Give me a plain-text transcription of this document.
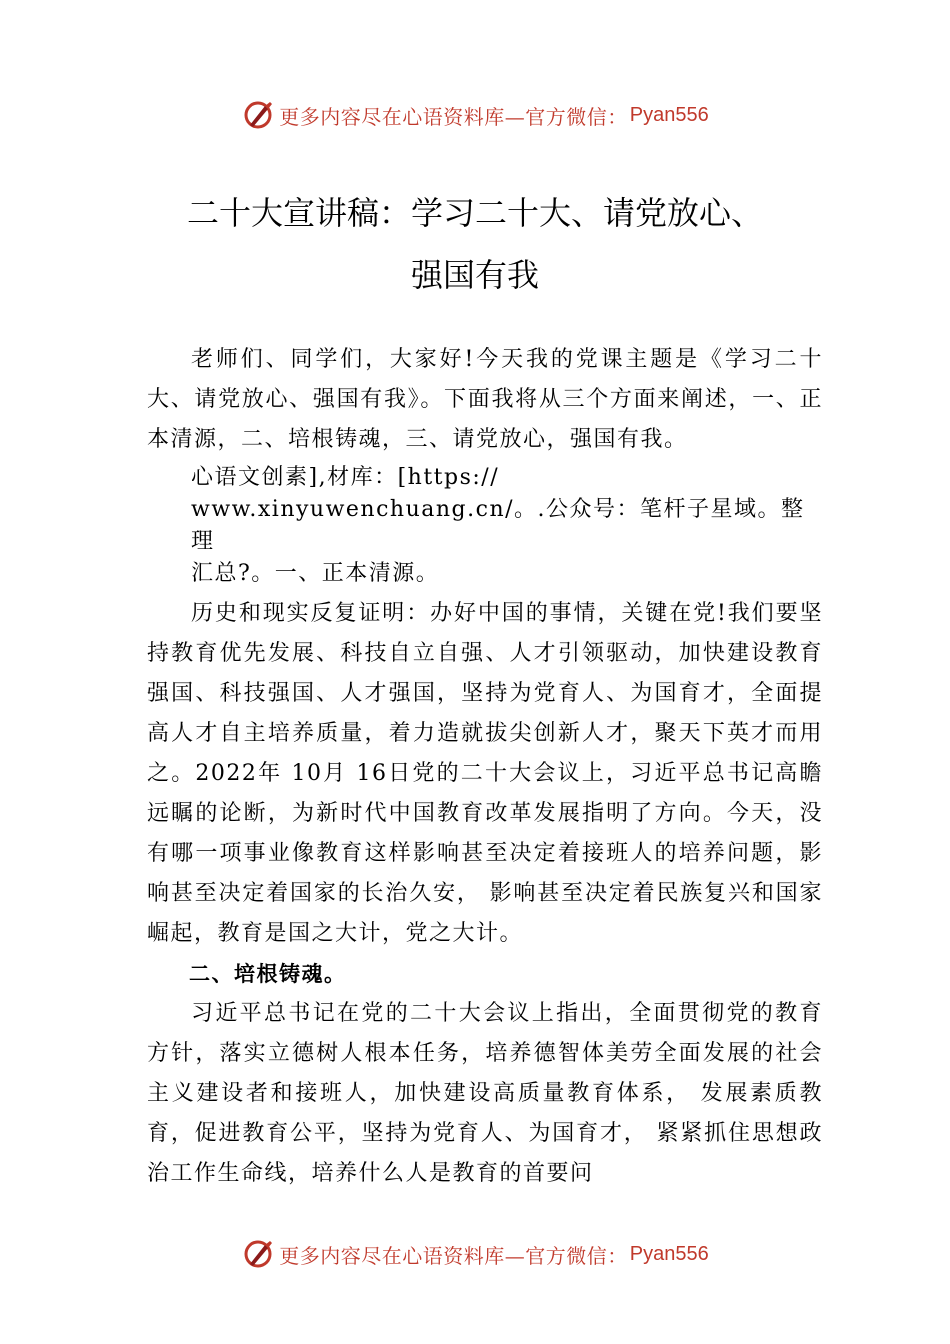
更多内容尽在心语资料库—官方微信： Pyan556
二十大宣讲稿：学习二十大、请党放心、
强国有我

老师们、同学们，大家好!今天我的党课主题是《学习二十大、请党放心、强国有我》。下面我将从三个方面来阐述，一、正本清源，二、培根铸魂，三、请党放心，强国有我。

心语文创素],材库：[https://
www.xinyuwenchuang.cn/。.公众号：笔杆子星域。整理
汇总?。一、正本清源。

历史和现实反复证明：办好中国的事情，关键在党!我们要坚持教育优先发展、科技自立自强、人才引领驱动，加快建设教育强国、科技强国、人才强国，坚持为党育人、为国育才，全面提高人才自主培养质量，着力造就拔尖创新人才，聚天下英才而用之。2022年 10月 16日党的二十大会议上，习近平总书记高瞻远瞩的论断，为新时代中国教育改革发展指明了方向。今天，没有哪一项事业像教育这样影响甚至决定着接班人的培养问题，影响甚至决定着国家的长治久安， 影响甚至决定着民族复兴和国家崛起，教育是国之大计，党之大计。

二、培根铸魂。

习近平总书记在党的二十大会议上指出，全面贯彻党的教育方针，落实立德树人根本任务，培养德智体美劳全面发展的社会主义建设者和接班人，加快建设高质量教育体系， 发展素质教育，促进教育公平，坚持为党育人、为国育才， 紧紧抓住思想政治工作生命线，培养什么人是教育的首要问

更多内容尽在心语资料库—官方微信： Pyan556
